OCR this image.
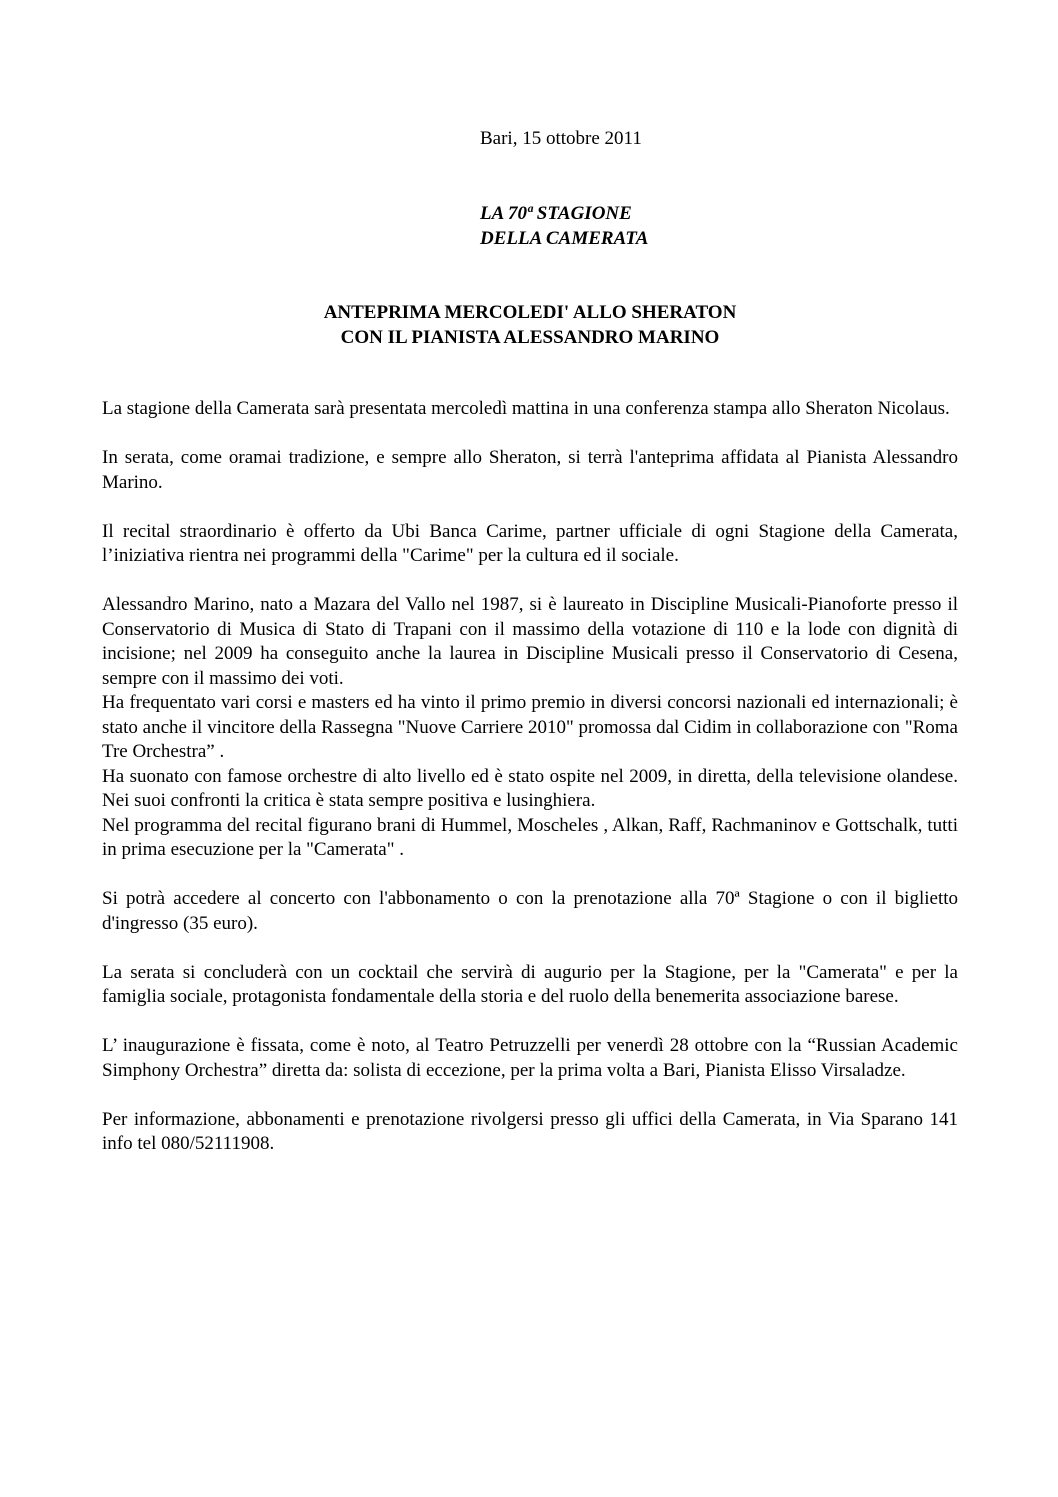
Bari, 15 ottobre 2011
LA 70ª STAGIONE
DELLA CAMERATA
ANTEPRIMA MERCOLEDI' ALLO SHERATON
CON IL PIANISTA ALESSANDRO MARINO

La stagione della Camerata sarà presentata mercoledì mattina in una conferenza stampa allo Sheraton Nicolaus.

In serata, come oramai tradizione, e sempre allo Sheraton, si terrà l'anteprima affidata al Pianista Alessandro Marino.

Il recital straordinario è offerto da Ubi Banca Carime, partner ufficiale di ogni Stagione della Camerata, l’iniziativa rientra nei programmi della "Carime" per la cultura ed il sociale.

Alessandro Marino, nato a Mazara del Vallo nel 1987, si è laureato in Discipline Musicali-Pianoforte presso il Conservatorio di Musica di Stato di Trapani con il massimo della votazione di 110 e la lode con dignità di incisione; nel 2009 ha conseguito anche la laurea in Discipline Musicali presso il Conservatorio di Cesena, sempre con il massimo dei voti.

Ha frequentato vari corsi e masters ed ha vinto il primo premio in diversi concorsi nazionali ed internazionali; è stato anche il vincitore della Rassegna "Nuove Carriere 2010" promossa dal Cidim in collaborazione con "Roma Tre Orchestra” .

Ha suonato con famose orchestre di alto livello ed è stato ospite nel 2009, in diretta, della televisione olandese. Nei suoi confronti la critica è stata sempre positiva e lusinghiera.

Nel programma del recital figurano brani di Hummel, Moscheles , Alkan, Raff, Rachmaninov e Gottschalk, tutti in prima esecuzione per la "Camerata" .

Si potrà accedere al concerto con l'abbonamento o con la prenotazione alla 70ª Stagione o con il biglietto d'ingresso (35 euro).

La serata si concluderà con un cocktail che servirà di augurio per la Stagione, per la "Camerata" e per la famiglia sociale, protagonista fondamentale della storia e del ruolo della benemerita associazione barese.

L’ inaugurazione è fissata, come è noto, al Teatro Petruzzelli per venerdì 28 ottobre con la “Russian Academic Simphony Orchestra” diretta da: solista di eccezione, per la prima volta a Bari, Pianista Elisso Virsaladze.

Per informazione, abbonamenti e prenotazione rivolgersi presso gli uffici della Camerata, in Via Sparano 141 info tel 080/52111908.
